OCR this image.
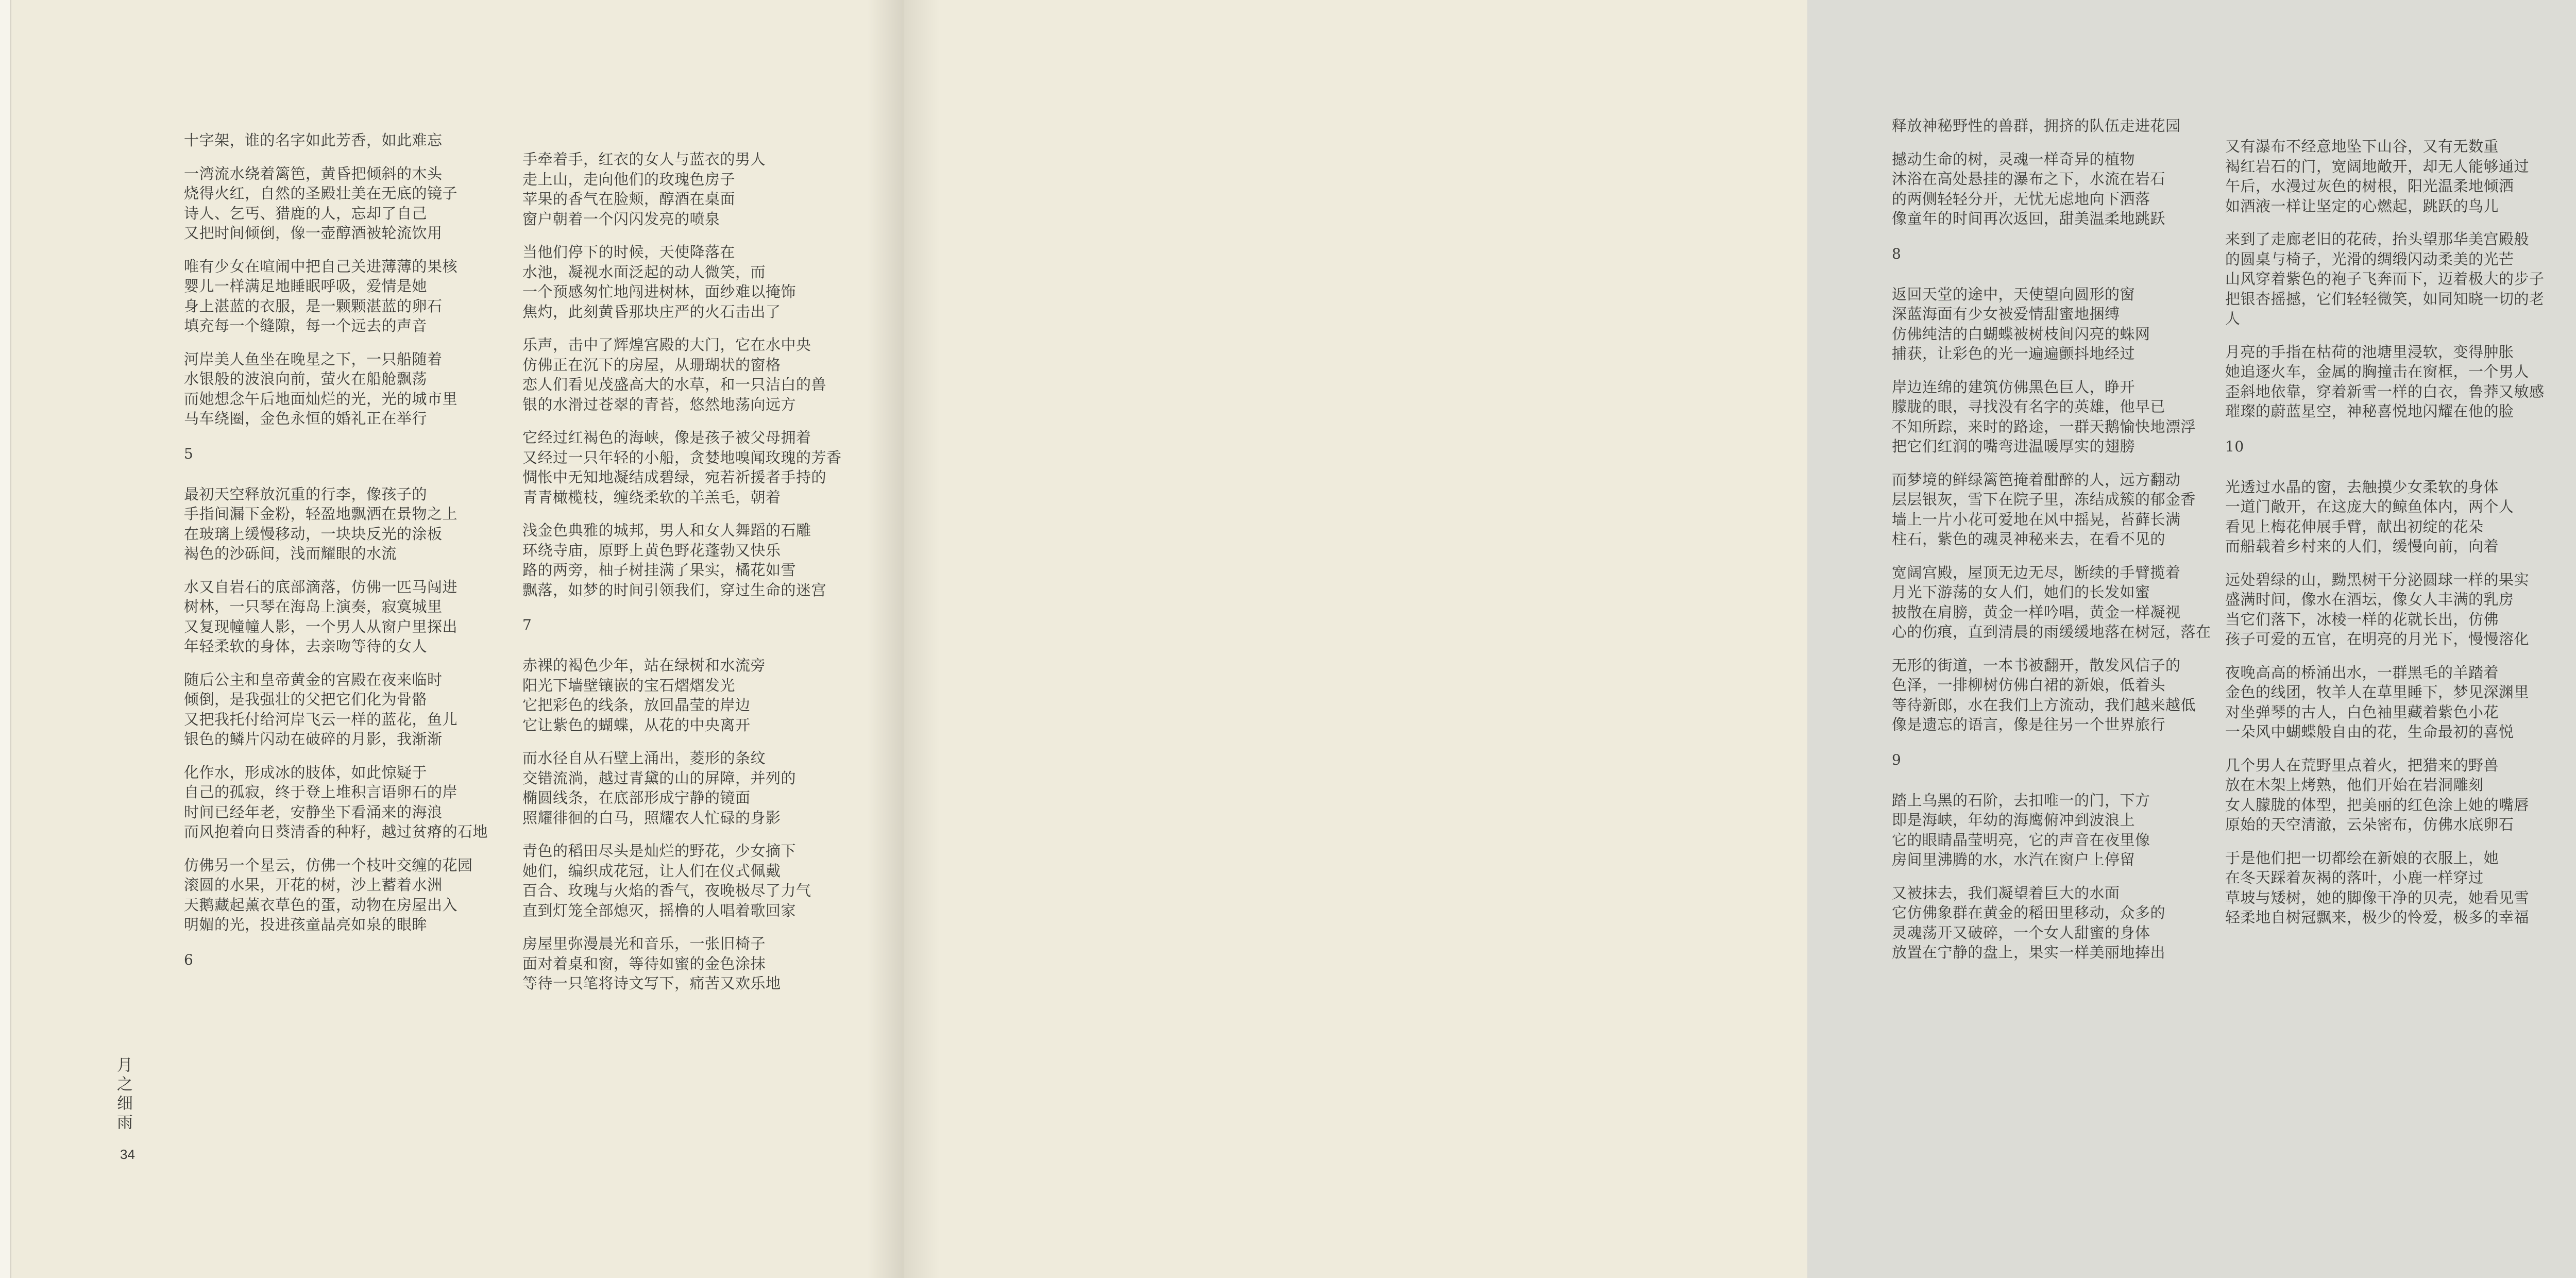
十字架，谁的名字如此芳香，如此难忘
一湾流水绕着篱笆，黄昏把倾斜的木头
烧得火红，自然的圣殿壮美在无底的镜子
诗人、乞丐、猎鹿的人，忘却了自己
又把时间倾倒，像一壶醇酒被轮流饮用
唯有少女在喧闹中把自己关进薄薄的果核
婴儿一样满足地睡眠呼吸，爱情是她
身上湛蓝的衣服，是一颗颗湛蓝的卵石
填充每一个缝隙，每一个远去的声音
河岸美人鱼坐在晚星之下，一只船随着
水银般的波浪向前，萤火在船舱飘荡
而她想念午后地面灿烂的光，光的城市里
马车绕圈，金色永恒的婚礼正在举行
5
最初天空释放沉重的行李，像孩子的
手指间漏下金粉，轻盈地飘洒在景物之上
在玻璃上缓慢移动，一块块反光的涂板
褐色的沙砾间，浅而耀眼的水流
水又自岩石的底部滴落，仿佛一匹马闯进
树林，一只琴在海岛上演奏，寂寞城里
又复现幢幢人影，一个男人从窗户里探出
年轻柔软的身体，去亲吻等待的女人
随后公主和皇帝黄金的宫殿在夜来临时
倾倒，是我强壮的父把它们化为骨骼
又把我托付给河岸飞云一样的蓝花，鱼儿
银色的鳞片闪动在破碎的月影，我渐渐
化作水，形成冰的肢体，如此惊疑于
自己的孤寂，终于登上堆积言语卵石的岸
时间已经年老，安静坐下看涌来的海浪
而风抱着向日葵清香的种籽，越过贫瘠的石地
仿佛另一个星云，仿佛一个枝叶交缠的花园
滚圆的水果，开花的树，沙上蓄着水洲
天鹅藏起薰衣草色的蛋，动物在房屋出入
明媚的光，投进孩童晶亮如泉的眼眸
6
手牵着手，红衣的女人与蓝衣的男人
走上山，走向他们的玫瑰色房子
苹果的香气在脸颊，醇酒在桌面
窗户朝着一个闪闪发亮的喷泉
当他们停下的时候，天使降落在
水池，凝视水面泛起的动人微笑，而
一个预感匆忙地闯进树林，面纱难以掩饰
焦灼，此刻黄昏那块庄严的火石击出了
乐声，击中了辉煌宫殿的大门，它在水中央
仿佛正在沉下的房屋，从珊瑚状的窗格
恋人们看见茂盛高大的水草，和一只洁白的兽
银的水滑过苍翠的青苔，悠然地荡向远方
它经过红褐色的海峡，像是孩子被父母拥着
又经过一只年轻的小船，贪婪地嗅闻玫瑰的芳香
惆怅中无知地凝结成碧绿，宛若祈援者手持的
青青橄榄枝，缠绕柔软的羊羔毛，朝着
浅金色典雅的城邦，男人和女人舞蹈的石雕
环绕寺庙，原野上黄色野花蓬勃又快乐
路的两旁，柚子树挂满了果实，橘花如雪
飘落，如梦的时间引领我们，穿过生命的迷宫
7
赤裸的褐色少年，站在绿树和水流旁
阳光下墙壁镶嵌的宝石熠熠发光
它把彩色的线条，放回晶莹的岸边
它让紫色的蝴蝶，从花的中央离开
而水径自从石壁上涌出，菱形的条纹
交错流淌，越过青黛的山的屏障，并列的
椭圆线条，在底部形成宁静的镜面
照耀徘徊的白马，照耀农人忙碌的身影
青色的稻田尽头是灿烂的野花，少女摘下
她们，编织成花冠，让人们在仪式佩戴
百合、玫瑰与火焰的香气，夜晚极尽了力气
直到灯笼全部熄灭，摇橹的人唱着歌回家
房屋里弥漫晨光和音乐，一张旧椅子
面对着桌和窗，等待如蜜的金色涂抹
等待一只笔将诗文写下，痛苦又欢乐地
月之细雨
34
释放神秘野性的兽群，拥挤的队伍走进花园
撼动生命的树，灵魂一样奇异的植物
沐浴在高处悬挂的瀑布之下，水流在岩石
的两侧轻轻分开，无忧无虑地向下洒落
像童年的时间再次返回，甜美温柔地跳跃
8
返回天堂的途中，天使望向圆形的窗
深蓝海面有少女被爱情甜蜜地捆缚
仿佛纯洁的白蝴蝶被树枝间闪亮的蛛网
捕获，让彩色的光一遍遍颤抖地经过
岸边连绵的建筑仿佛黑色巨人，睁开
朦胧的眼，寻找没有名字的英雄，他早已
不知所踪，来时的路途，一群天鹅愉快地漂浮
把它们红润的嘴弯进温暖厚实的翅膀
而梦境的鲜绿篱笆掩着酣醉的人，远方翻动
层层银灰，雪下在院子里，冻结成簇的郁金香
墙上一片小花可爱地在风中摇晃，苔藓长满
柱石，紫色的魂灵神秘来去，在看不见的
宽阔宫殿，屋顶无边无尽，断续的手臂揽着
月光下游荡的女人们，她们的长发如蜜
披散在肩膀，黄金一样吟唱，黄金一样凝视
心的伤痕，直到清晨的雨缓缓地落在树冠，落在
无形的街道，一本书被翻开，散发风信子的
色泽，一排柳树仿佛白裙的新娘，低着头
等待新郎，水在我们上方流动，我们越来越低
像是遗忘的语言，像是往另一个世界旅行
9
踏上乌黑的石阶，去扣唯一的门，下方
即是海峡，年幼的海鹰俯冲到波浪上
它的眼睛晶莹明亮，它的声音在夜里像
房间里沸腾的水，水汽在窗户上停留
又被抹去，我们凝望着巨大的水面
它仿佛象群在黄金的稻田里移动，众多的
灵魂荡开又破碎，一个女人甜蜜的身体
放置在宁静的盘上，果实一样美丽地捧出
又有瀑布不经意地坠下山谷，又有无数重
褐红岩石的门，宽阔地敞开，却无人能够通过
午后，水漫过灰色的树根，阳光温柔地倾洒
如酒液一样让坚定的心燃起，跳跃的鸟儿
来到了走廊老旧的花砖，抬头望那华美宫殿般
的圆桌与椅子，光滑的绸缎闪动柔美的光芒
山风穿着紫色的袍子飞奔而下，迈着极大的步子
把银杏摇撼，它们轻轻微笑，如同知晓一切的老
人
月亮的手指在枯荷的池塘里浸软，变得肿胀
她追逐火车，金属的胸撞击在窗框，一个男人
歪斜地依靠，穿着新雪一样的白衣，鲁莽又敏感
璀璨的蔚蓝星空，神秘喜悦地闪耀在他的脸
10
光透过水晶的窗，去触摸少女柔软的身体
一道门敞开，在这庞大的鲸鱼体内，两个人
看见上梅花伸展手臂，献出初绽的花朵
而船载着乡村来的人们，缓慢向前，向着
远处碧绿的山，黝黑树干分泌圆球一样的果实
盛满时间，像水在酒坛，像女人丰满的乳房
当它们落下，冰棱一样的花就长出，仿佛
孩子可爱的五官，在明亮的月光下，慢慢溶化
夜晚高高的桥涌出水，一群黑毛的羊踏着
金色的线团，牧羊人在草里睡下，梦见深渊里
对坐弹琴的古人，白色袖里藏着紫色小花
一朵风中蝴蝶般自由的花，生命最初的喜悦
几个男人在荒野里点着火，把猎来的野兽
放在木架上烤熟，他们开始在岩洞雕刻
女人朦胧的体型，把美丽的红色涂上她的嘴唇
原始的天空清澈，云朵密布，仿佛水底卵石
于是他们把一切都绘在新娘的衣服上，她
在冬天踩着灰褐的落叶，小鹿一样穿过
草坡与矮树，她的脚像干净的贝壳，她看见雪
轻柔地自树冠飘来，极少的怜爱，极多的幸福
